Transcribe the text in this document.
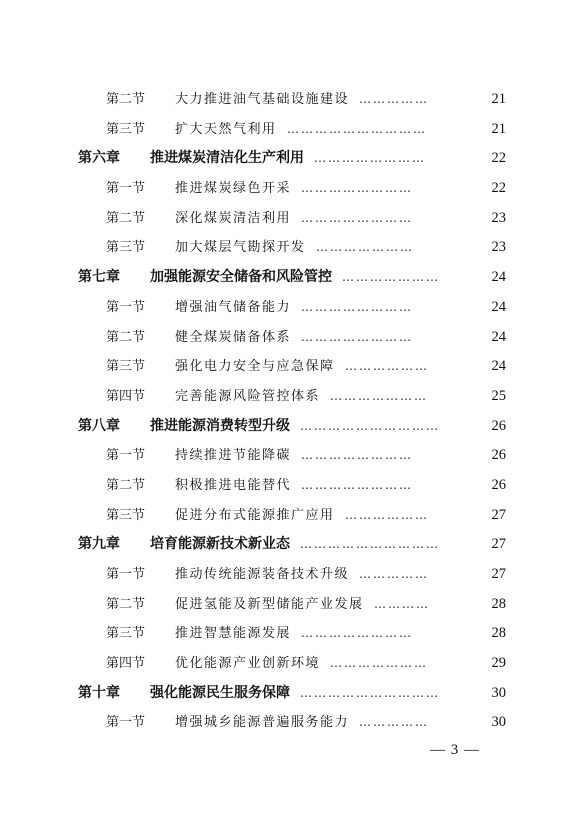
第二节 大力推进油气基础设施建设 ……………	21
第三节 扩大天然气利用 …………………………	21
第六章 推进煤炭清洁化生产利用 ……………………	22
第一节 推进煤炭绿色开采 ……………………	22
第二节 深化煤炭清洁利用 ……………………	23
第三节 加大煤层气勘探开发 …………………	23
第七章 加强能源安全储备和风险管控 …………………	24
第一节 增强油气储备能力 ……………………	24
第二节 健全煤炭储备体系 ……………………	24
第三节 强化电力安全与应急保障 ………………	24
第四节 完善能源风险管控体系 …………………	25
第八章 推进能源消费转型升级 …………………………	26
第一节 持续推进节能降碳 ……………………	26
第二节 积极推进电能替代 ……………………	26
第三节 促进分布式能源推广应用 ………………	27
第九章 培育能源新技术新业态 …………………………	27
第一节 推动传统能源装备技术升级 ……………	27
第二节 促进氢能及新型储能产业发展 …………	28
第三节 推进智慧能源发展 ……………………	28
第四节 优化能源产业创新环境 …………………	29
第十章 强化能源民生服务保障 …………………………	30
第一节 增强城乡能源普遍服务能力 ……………	30
— 3 —
